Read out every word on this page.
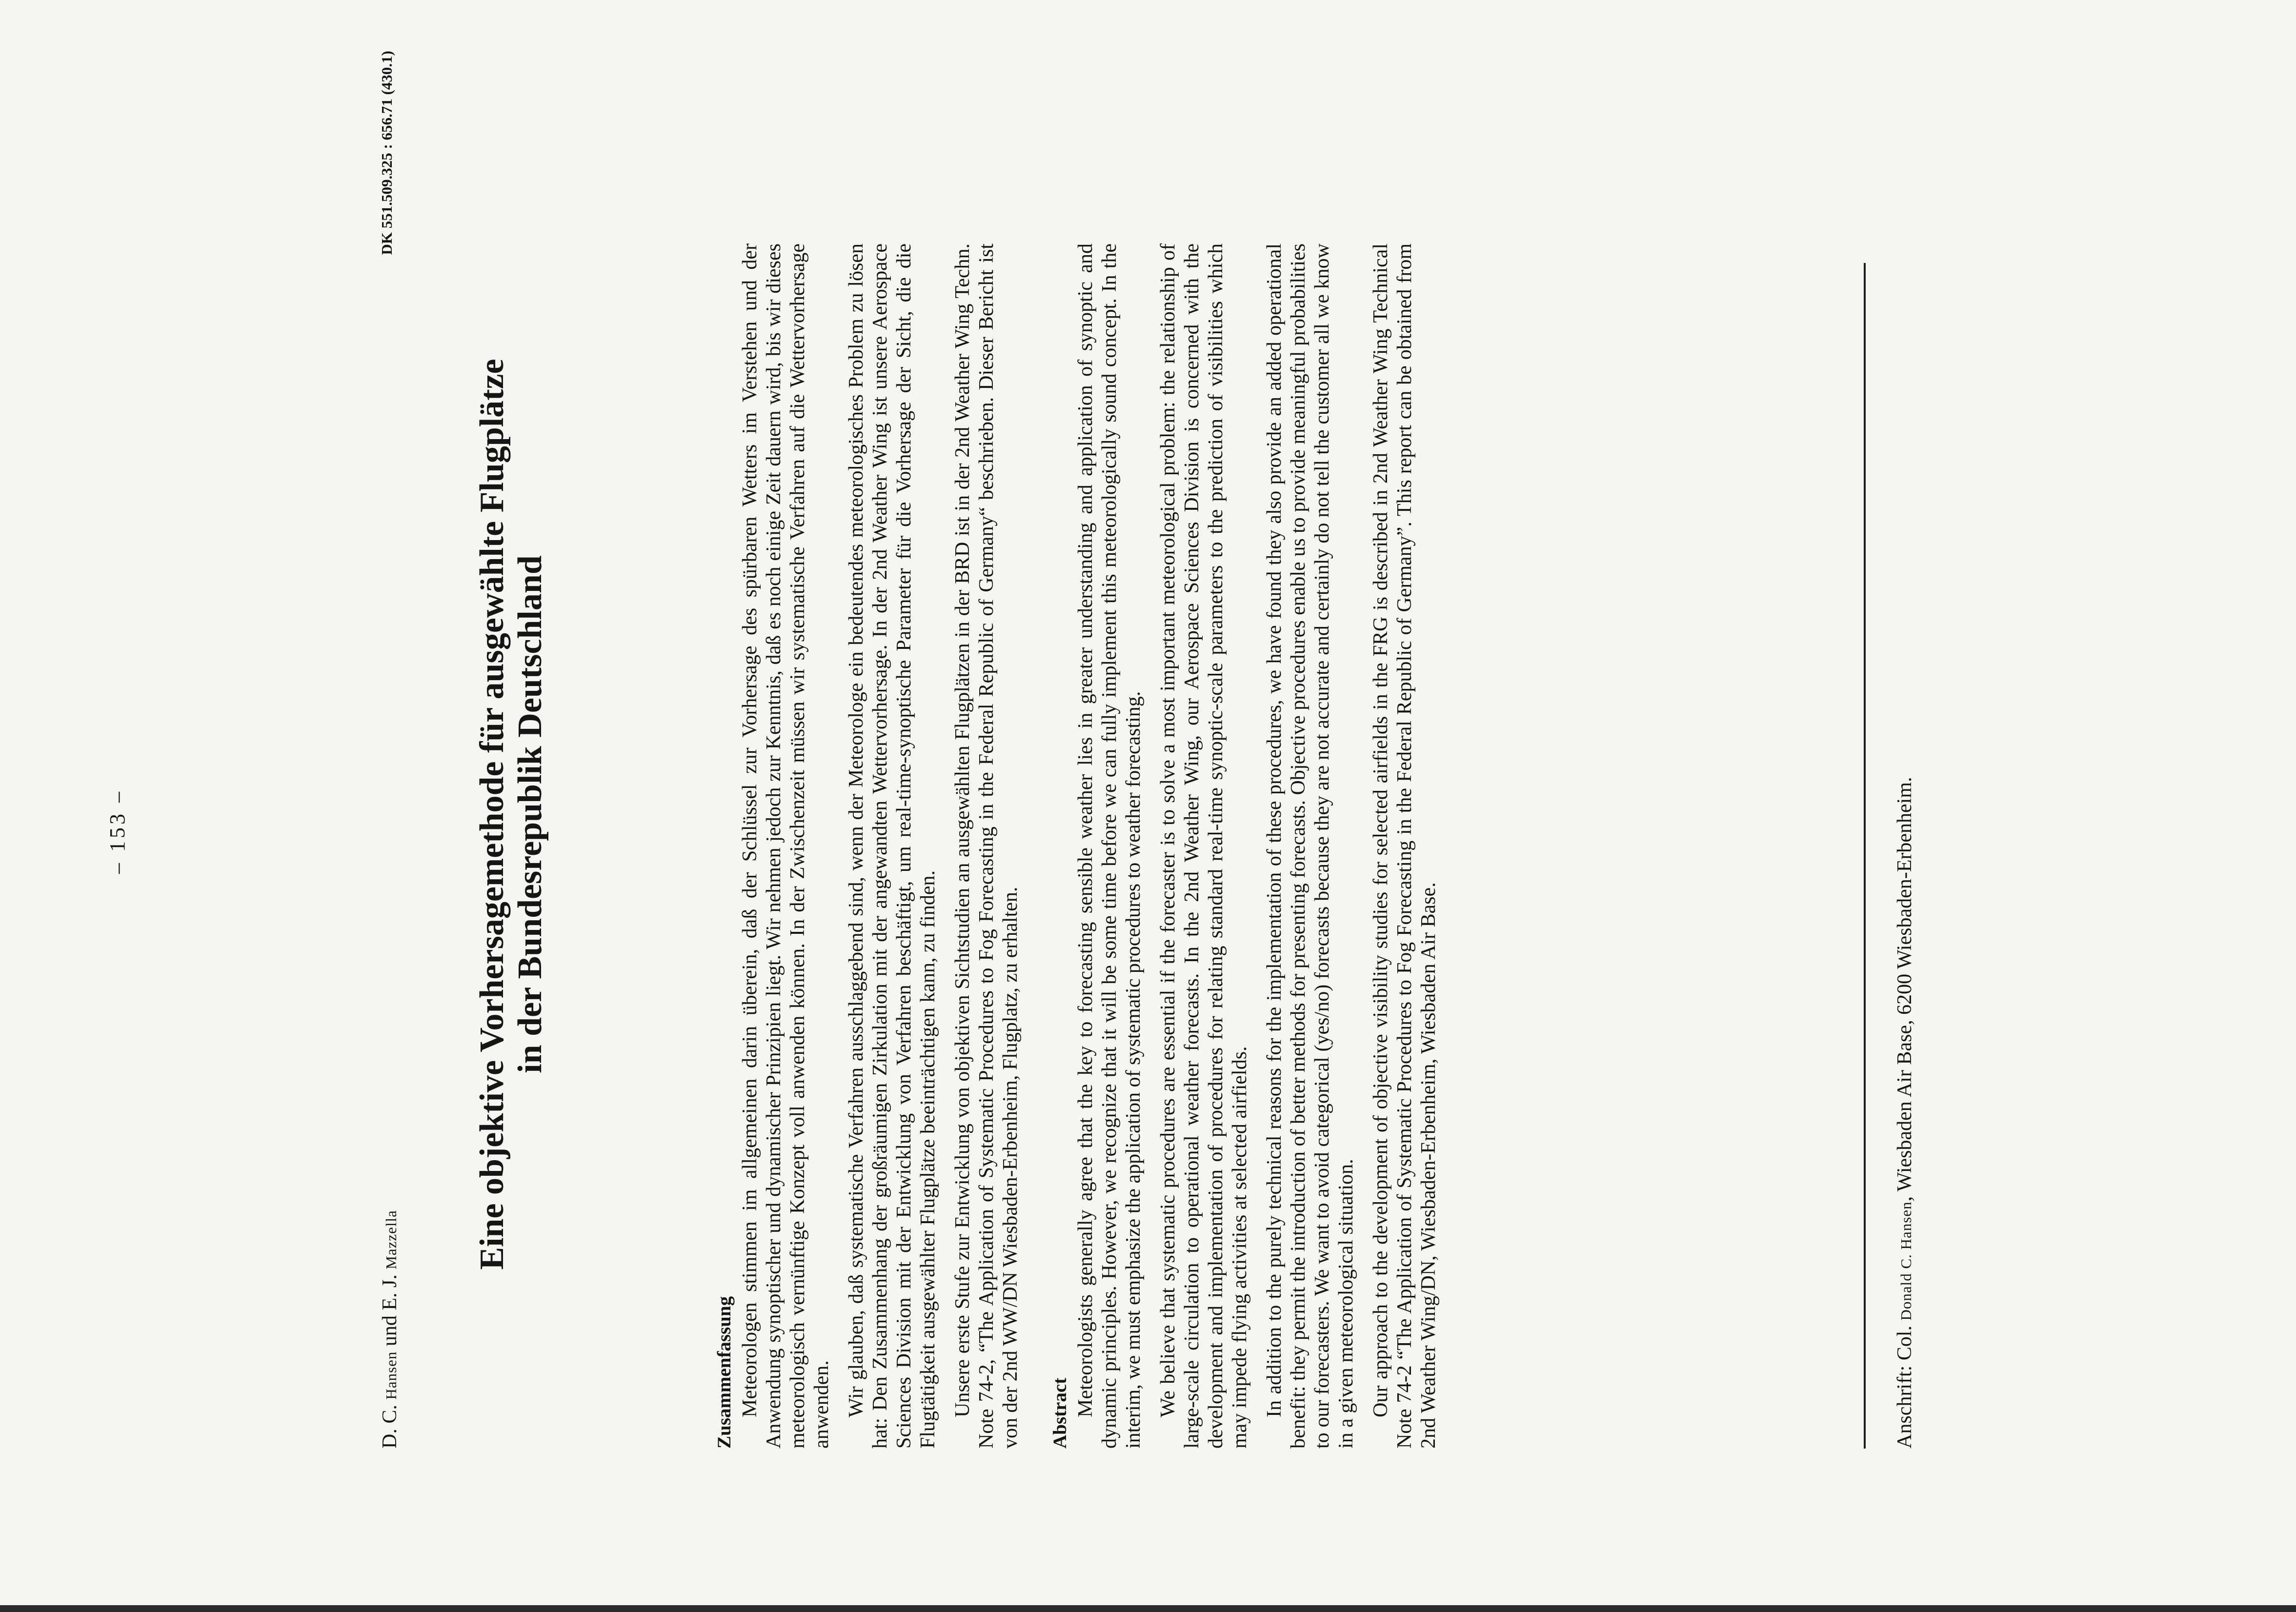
– 153 –
D. C. Hansen und E. J. Mazzella
DK 551.509.325 : 656.71 (430.1)
Eine objektive Vorhersagemethode für ausgewählte Flugplätze in der Bundesrepublik Deutschland
Zusammenfassung Meteorologen stimmen im allgemeinen darin überein, daß der Schlüssel zur Vorhersage des spürbaren Wetters im Verstehen und der Anwendung synoptischer und dynamischer Prinzipien liegt. Wir nehmen jedoch zur Kenntnis, daß es noch einige Zeit dauern wird, bis wir dieses meteorologisch vernünftige Konzept voll anwenden können. In der Zwischenzeit müssen wir systematische Verfahren auf die Wettervorhersage anwenden. Wir glauben, daß systematische Verfahren ausschlaggebend sind, wenn der Meteorologe ein bedeutendes meteorologisches Problem zu lösen hat: Den Zusammenhang der großräumigen Zirkulation mit der angewandten Wettervorhersage. In der 2nd Weather Wing ist unsere Aerospace Sciences Division mit der Entwicklung von Verfahren beschäftigt, um real-time-synoptische Parameter für die Vorhersage der Sicht, die die Flugtätigkeit ausgewählter Flugplätze beeinträchtigen kann, zu finden. Unsere erste Stufe zur Entwicklung von objektiven Sichtstudien an ausgewählten Flugplätzen in der BRD ist in der 2nd Weather Wing Techn. Note 74-2, “The Application of Systematic Procedures to Fog Forecasting in the Federal Republic of Germany“ beschrieben. Dieser Bericht ist von der 2nd WW/DN Wiesbaden-Erbenheim, Flugplatz, zu erhalten. Abstract Meteorologists generally agree that the key to forecasting sensible weather lies in greater understanding and application of synoptic and dynamic principles. However, we recognize that it will be some time before we can fully implement this meteorologically sound concept. In the interim, we must emphasize the application of systematic procedures to weather forecasting. We believe that systematic procedures are essential if the forecaster is to solve a most important meteorological problem: the relationship of large-scale circulation to operational weather forecasts. In the 2nd Weather Wing, our Aerospace Sciences Division is concerned with the development and implementation of procedures for relating standard real-time synoptic-scale parameters to the prediction of visibilities which may impede flying activities at selected airfields. In addition to the purely technical reasons for the implementation of these procedures, we have found they also provide an added operational benefit: they permit the introduction of better methods for presenting forecasts. Objective procedures enable us to provide meaningful probabilities to our forecasters. We want to avoid categorical (yes/no) forecasts because they are not accurate and certainly do not tell the customer all we know in a given meteorological situation. Our approach to the development of objective visibility studies for selected airfields in the FRG is described in 2nd Weather Wing Technical Note 74-2 “The Application of Systematic Procedures to Fog Forecasting in the Federal Republic of Germany”. This report can be obtained from 2nd Weather Wing/DN, Wiesbaden-Erbenheim, Wiesbaden Air Base.	Anschrift: Col. Donald C. Hansen, Wiesbaden Air Base, 6200 Wiesbaden-Erbenheim.
